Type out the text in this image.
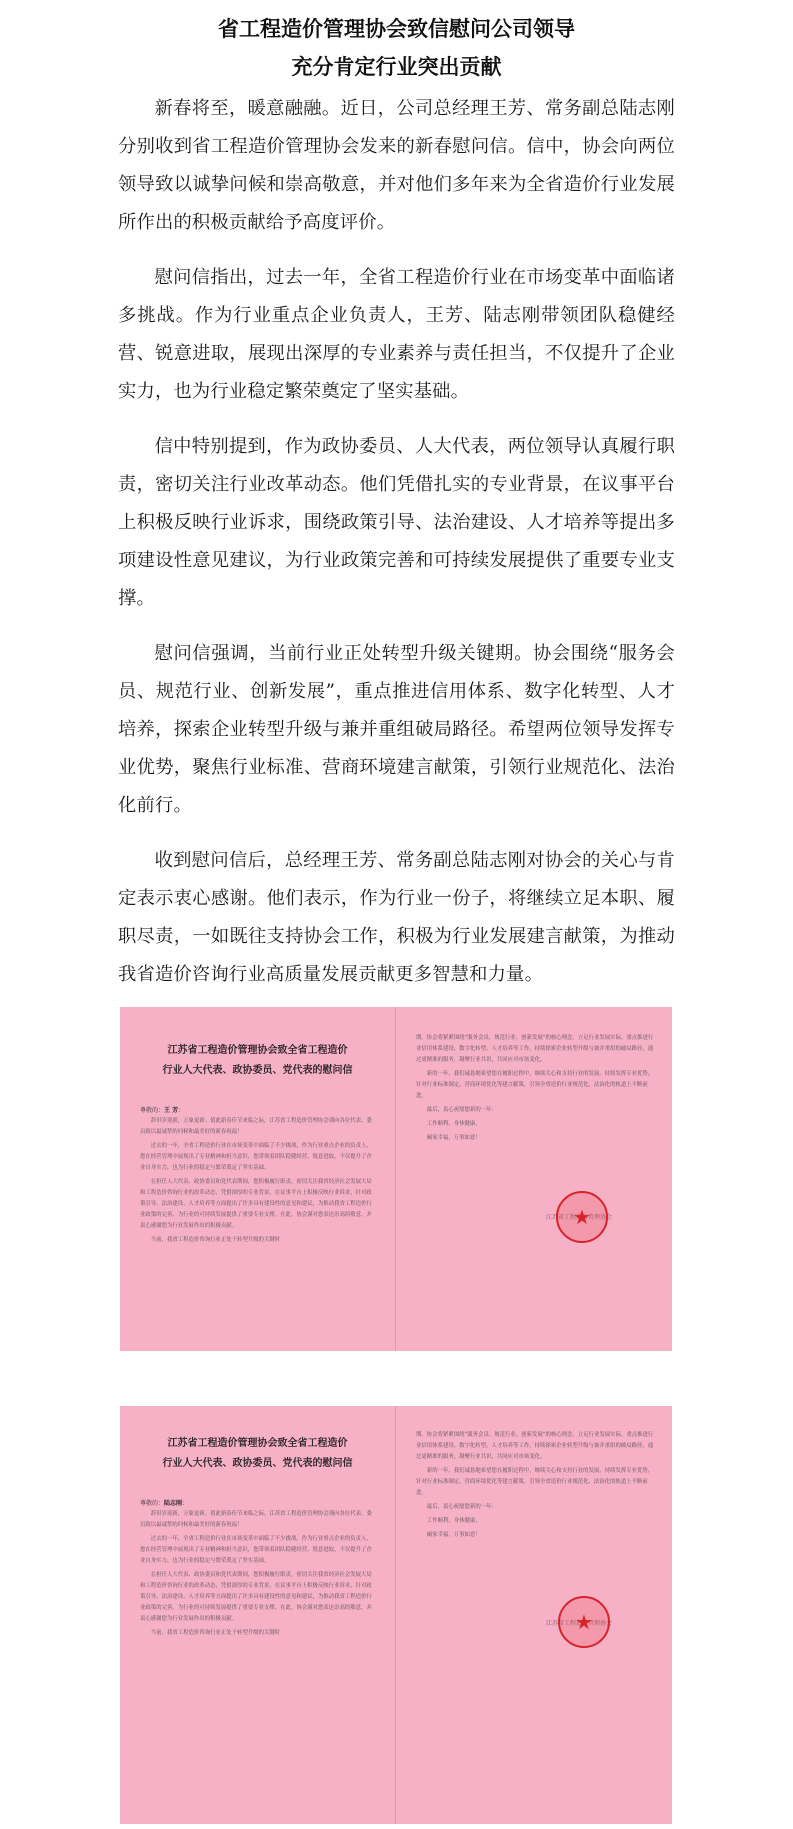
省工程造价管理协会致信慰问公司领导
充分肯定行业突出贡献

新春将至，暖意融融。近日，公司总经理王芳、常务副总陆志刚分别收到省工程造价管理协会发来的新春慰问信。信中，协会向两位领导致以诚挚问候和崇高敬意，并对他们多年来为全省造价行业发展所作出的积极贡献给予高度评价。

慰问信指出，过去一年，全省工程造价行业在市场变革中面临诸多挑战。作为行业重点企业负责人，王芳、陆志刚带领团队稳健经营、锐意进取，展现出深厚的专业素养与责任担当，不仅提升了企业实力，也为行业稳定繁荣奠定了坚实基础。

信中特别提到，作为政协委员、人大代表，两位领导认真履行职责，密切关注行业改革动态。他们凭借扎实的专业背景，在议事平台上积极反映行业诉求，围绕政策引导、法治建设、人才培养等提出多项建设性意见建议，为行业政策完善和可持续发展提供了重要专业支撑。

慰问信强调，当前行业正处转型升级关键期。协会围绕“服务会员、规范行业、创新发展”，重点推进信用体系、数字化转型、人才培养，探索企业转型升级与兼并重组破局路径。希望两位领导发挥专业优势，聚焦行业标准、营商环境建言献策，引领行业规范化、法治化前行。

收到慰问信后，总经理王芳、常务副总陆志刚对协会的关心与肯定表示衷心感谢。他们表示，作为行业一份子，将继续立足本职、履职尽责，一如既往支持协会工作，积极为行业发展建言献策，为推动我省造价咨询行业高质量发展贡献更多智慧和力量。

江苏省工程造价管理协会致全省工程造价
行业人大代表、政协委员、党代表的慰问信
尊敬的：王 芳：

辞旧岁迎新，万象更新。值此新春佳节来临之际，江苏省工程造价管理协会谨向各位代表、委员致以最诚挚的问候和最美好的新春祝福！

过去的一年，全省工程造价行业在市场变革中面临了不少挑战。作为行业重点企业的负责人，您在经营管理中展现出了专业精神和担当意识，您带领着团队稳健经营、锐意进取，不仅提升了企业自身实力，也为行业的稳定与繁荣奠定了坚实基础。

在担任人大代表、政协委员和党代表期间，您积极履行职责，密切关注我省经济社会发展大局和工程造价咨询行业的改革动态，凭借深厚的专业背景，在议事平台上积极反映行业诉求，针对政策引导、法治建设、人才培养等方面提出了许多具有建设性的意见和建议，为推动我省工程造价行业政策的完善、为行业的可持续发展提供了重要专业支撑。在此，协会谨对您表达崇高的敬意，并衷心感谢您为行业发展作出的积极贡献。

当前，我省工程造价咨询行业正处于转型升级的关键时

期。协会将紧紧围绕“服务会员、规范行业、创新发展”的核心理念，立足行业发展实际，重点推进行业信用体系建设、数字化转型、人才培养等工作，持续探索企业转型升级与兼并重组的破局路径，通过更精准的服务，凝聚行业共识，共同应对市场变化。

新的一年，我们诚恳地希望您在履职过程中，继续关心和支持行业的发展，持续发挥专业优势，针对行业标准制定、营商环境优化等建言献策，引领全省造价行业规范化、法治化的轨道上不断前进。

最后，衷心祝愿您新的一年：

工作顺利，身体健康，

阖家幸福，万事如意！

江苏省工程造价管理协会
★
江苏省工程造价管理协会致全省工程造价
行业人大代表、政协委员、党代表的慰问信
尊敬的：陆志刚：

辞旧岁迎新，万象更新。值此新春佳节来临之际，江苏省工程造价管理协会谨向各位代表、委员致以最诚挚的问候和最美好的新春祝福！

过去的一年，全省工程造价行业在市场变革中面临了不少挑战。作为行业重点企业的负责人，您在经营管理中展现出了专业精神和担当意识，您带领着团队稳健经营、锐意进取，不仅提升了企业自身实力，也为行业的稳定与繁荣奠定了坚实基础。

在担任人大代表、政协委员和党代表期间，您积极履行职责，密切关注我省经济社会发展大局和工程造价咨询行业的改革动态，凭借深厚的专业背景，在议事平台上积极反映行业诉求，针对政策引导、法治建设、人才培养等方面提出了许多具有建设性的意见和建议，为推动我省工程造价行业政策的完善、为行业的可持续发展提供了重要专业支撑。在此，协会谨对您表达崇高的敬意，并衷心感谢您为行业发展作出的积极贡献。

当前，我省工程造价咨询行业正处于转型升级的关键时

期。协会将紧紧围绕“服务会员、规范行业、创新发展”的核心理念，立足行业发展实际，重点推进行业信用体系建设、数字化转型、人才培养等工作，持续探索企业转型升级与兼并重组的破局路径，通过更精准的服务，凝聚行业共识，共同应对市场变化。

新的一年，我们诚恳地希望您在履职过程中，继续关心和支持行业的发展，持续发挥专业优势，针对行业标准制定、营商环境优化等建言献策，引领全省造价行业规范化、法治化的轨道上不断前进。

最后，衷心祝愿您新的一年：

工作顺利，身体健康，

阖家幸福，万事如意！

江苏省工程造价管理协会
★
